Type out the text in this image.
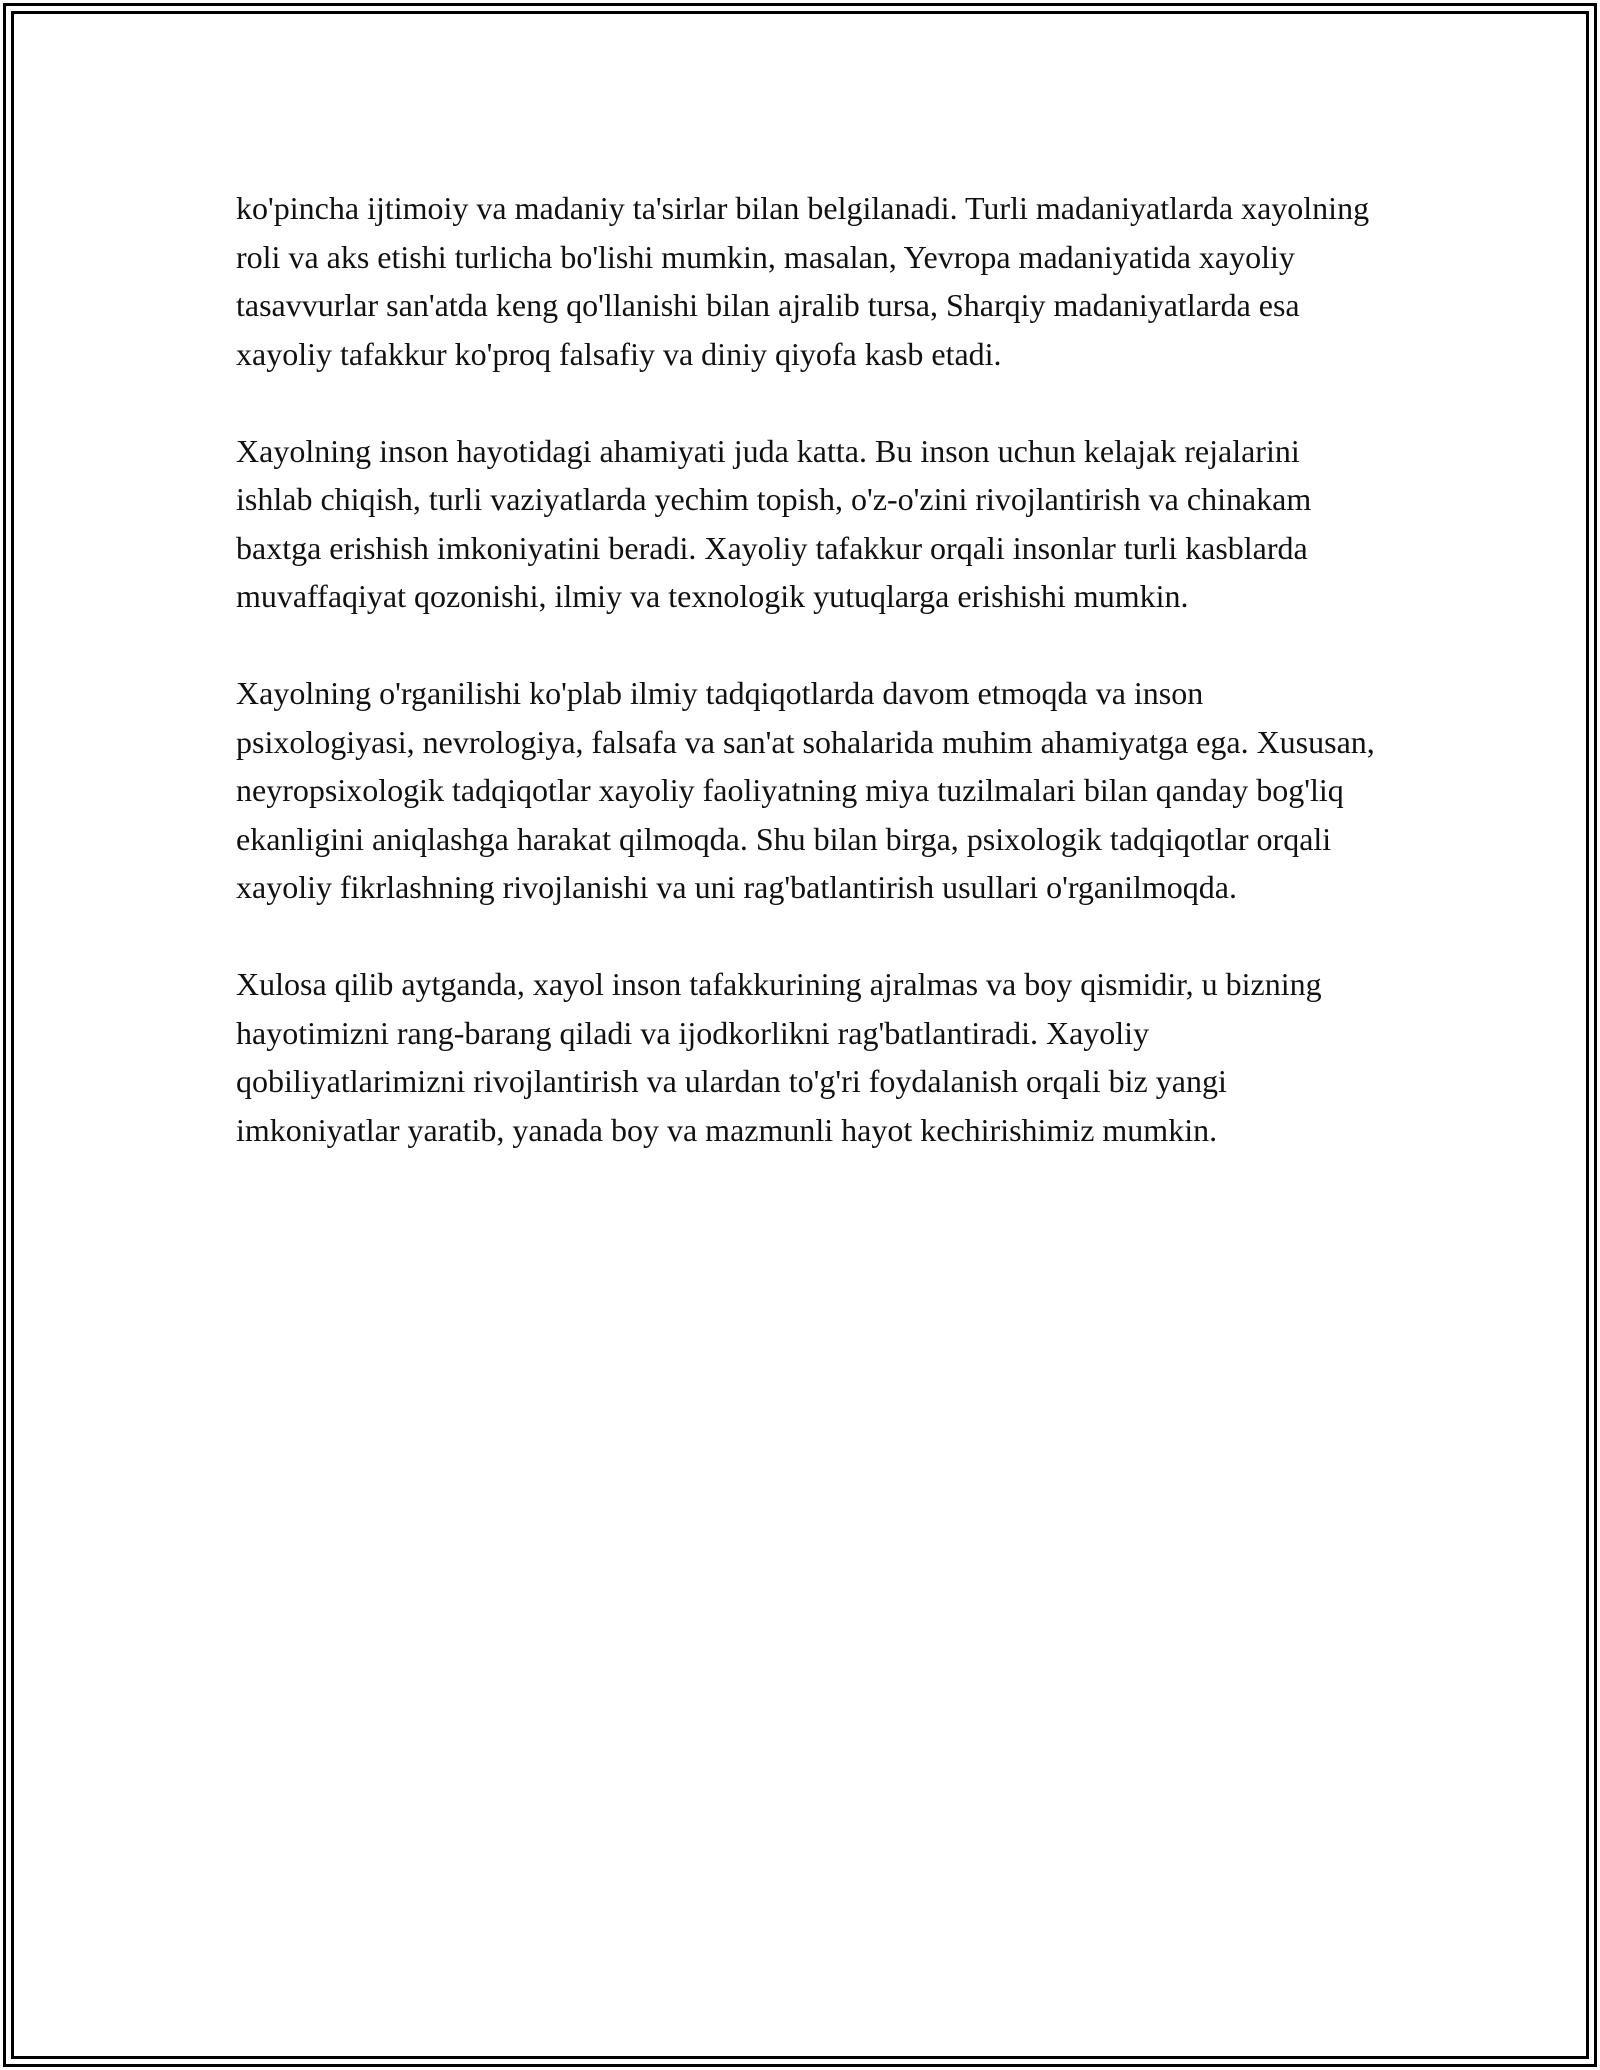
ko'pincha ijtimoiy va madaniy ta'sirlar bilan belgilanadi. Turli madaniyatlarda xayolning roli va aks etishi turlicha bo'lishi mumkin, masalan, Yevropa madaniyatida xayoliy tasavvurlar san'atda keng qo'llanishi bilan ajralib tursa, Sharqiy madaniyatlarda esa xayoliy tafakkur ko'proq falsafiy va diniy qiyofa kasb etadi.

Xayolning inson hayotidagi ahamiyati juda katta. Bu inson uchun kelajak rejalarini ishlab chiqish, turli vaziyatlarda yechim topish, o'z-o'zini rivojlantirish va chinakam baxtga erishish imkoniyatini beradi. Xayoliy tafakkur orqali insonlar turli kasblarda muvaffaqiyat qozonishi, ilmiy va texnologik yutuqlarga erishishi mumkin.

Xayolning o'rganilishi ko'plab ilmiy tadqiqotlarda davom etmoqda va inson psixologiyasi, nevrologiya, falsafa va san'at sohalarida muhim ahamiyatga ega. Xususan, neyropsixologik tadqiqotlar xayoliy faoliyatning miya tuzilmalari bilan qanday bog'liq ekanligini aniqlashga harakat qilmoqda. Shu bilan birga, psixologik tadqiqotlar orqali xayoliy fikrlashning rivojlanishi va uni rag'batlantirish usullari o'rganilmoqda.

Xulosa qilib aytganda, xayol inson tafakkurining ajralmas va boy qismidir, u bizning hayotimizni rang-barang qiladi va ijodkorlikni rag'batlantiradi. Xayoliy qobiliyatlarimizni rivojlantirish va ulardan to'g'ri foydalanish orqali biz yangi imkoniyatlar yaratib, yanada boy va mazmunli hayot kechirishimiz mumkin.
